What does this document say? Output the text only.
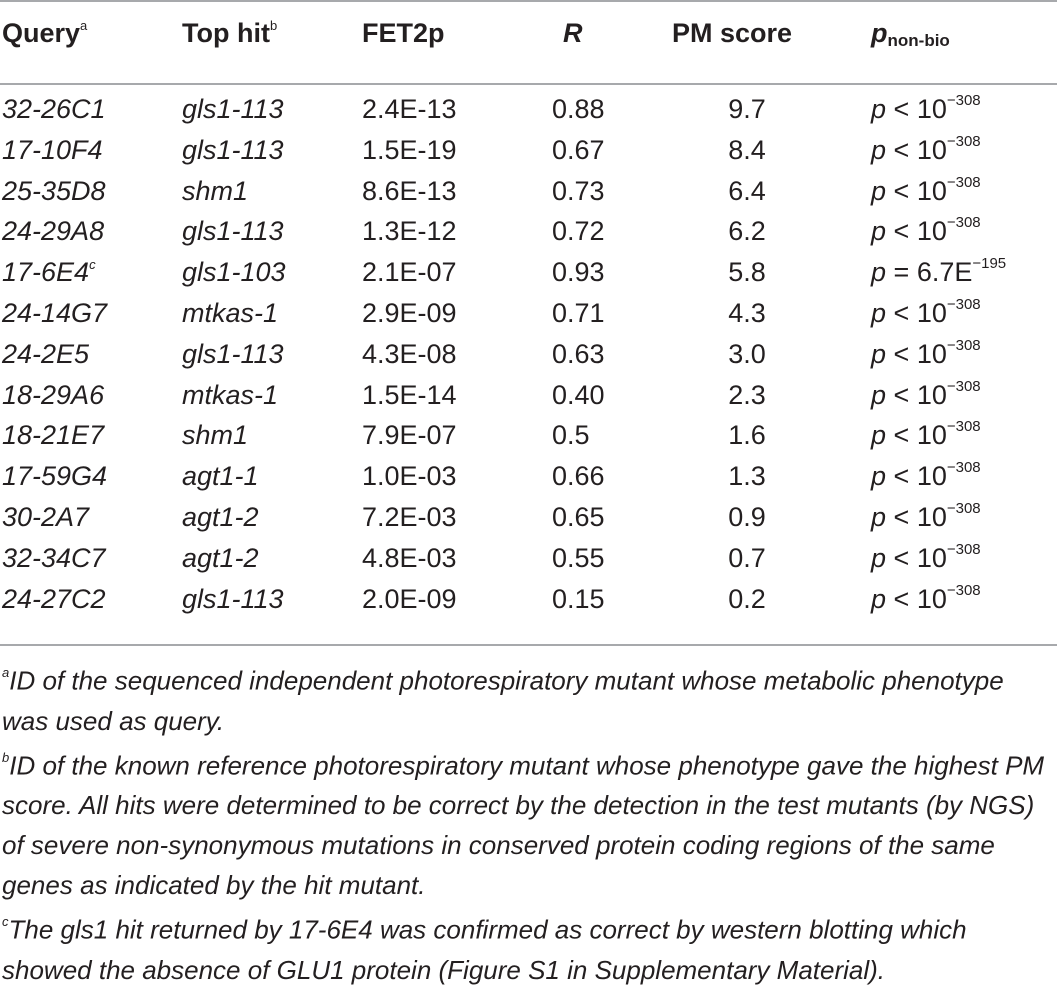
Query$^a$	Top hit$^b$	FET2p	R	PM score	pnon-bio
32-26C1	gls1-113	2.4E-13	0.88	9.7	$p < 10^{-308}$
17-10F4	gls1-113	1.5E-19	0.67	8.4	$p < 10^{-308}$
25-35D8	shm1	8.6E-13	0.73	6.4	$p < 10^{-308}$
24-29A8	gls1-113	1.3E-12	0.72	6.2	$p < 10^{-308}$
17-6E4$^c$	gls1-103	2.1E-07	0.93	5.8	$p = 6.7E^{-195}$
24-14G7	mtkas-1	2.9E-09	0.71	4.3	$p < 10^{-308}$
24-2E5	gls1-113	4.3E-08	0.63	3.0	$p < 10^{-308}$
18-29A6	mtkas-1	1.5E-14	0.40	2.3	$p < 10^{-308}$
18-21E7	shm1	7.9E-07	0.5	1.6	$p < 10^{-308}$
17-59G4	agt1-1	1.0E-03	0.66	1.3	$p < 10^{-308}$
30-2A7	agt1-2	7.2E-03	0.65	0.9	$p < 10^{-308}$
32-34C7	agt1-2	4.8E-03	0.55	0.7	$p < 10^{-308}$
24-27C2	gls1-113	2.0E-09	0.15	0.2	$p < 10^{-308}$

$^a$ID of the sequenced independent photorespiratory mutant whose metabolic phenotype was used as query.

$^b$ID of the known reference photorespiratory mutant whose phenotype gave the highest PM score. All hits were determined to be correct by the detection in the test mutants (by NGS) of severe non-synonymous mutations in conserved protein coding regions of the same genes as indicated by the hit mutant.

$^c$The gls1 hit returned by 17-6E4 was confirmed as correct by western blotting which showed the absence of GLU1 protein (Figure S1 in Supplementary Material).
